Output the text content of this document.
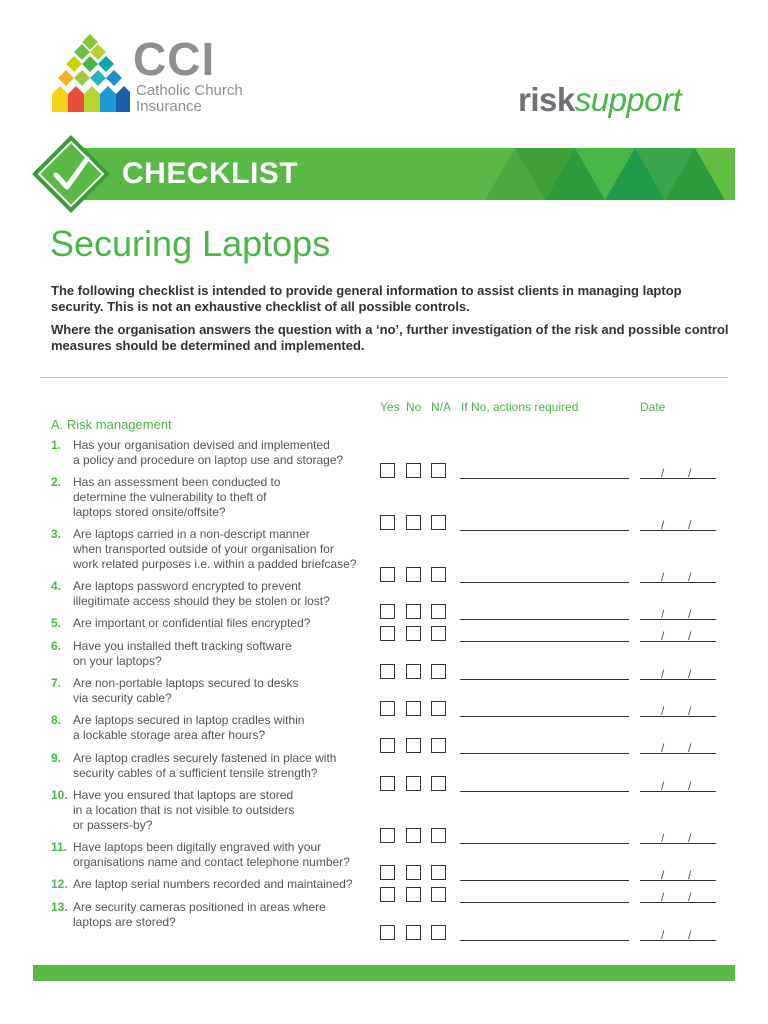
CCI
Catholic Church
Insurance	risksupport
CHECKLIST
Securing Laptops

The following checklist is intended to provide general information to assist clients in managing laptop security. This is not an exhaustive checklist of all possible controls.

Where the organisation answers the question with a ‘no’, further investigation of the risk and possible control measures should be determined and implemented.

Yes No N/A If No, actions required	Date
A. Risk management
1. Has your organisation devised and implemented
a policy and procedure on laptop use and storage?
/ /
2. Has an assessment been conducted to
determine the vulnerability to theft of
laptops stored onsite/offsite?
/ /
3. Are laptops carried in a non-descript manner
when transported outside of your organisation for
work related purposes i.e. within a padded briefcase?
/ /
4. Are laptops password encrypted to prevent
illegitimate access should they be stolen or lost?
/ /
5. Are important or confidential files encrypted?
/ /
6. Have you installed theft tracking software
on your laptops?
/ /
7. Are non-portable laptops secured to desks
via security cable?
/ /
8. Are laptops secured in laptop cradles within
a lockable storage area after hours?
/ /
9. Are laptop cradles securely fastened in place with
security cables of a sufficient tensile strength?
/ /
10. Have you ensured that laptops are stored
in a location that is not visible to outsiders
or passers-by?
/ /
11. Have laptops been digitally engraved with your
organisations name and contact telephone number?
/ /
12. Are laptop serial numbers recorded and maintained?
/ /
13. Are security cameras positioned in areas where
laptops are stored?
/ /
